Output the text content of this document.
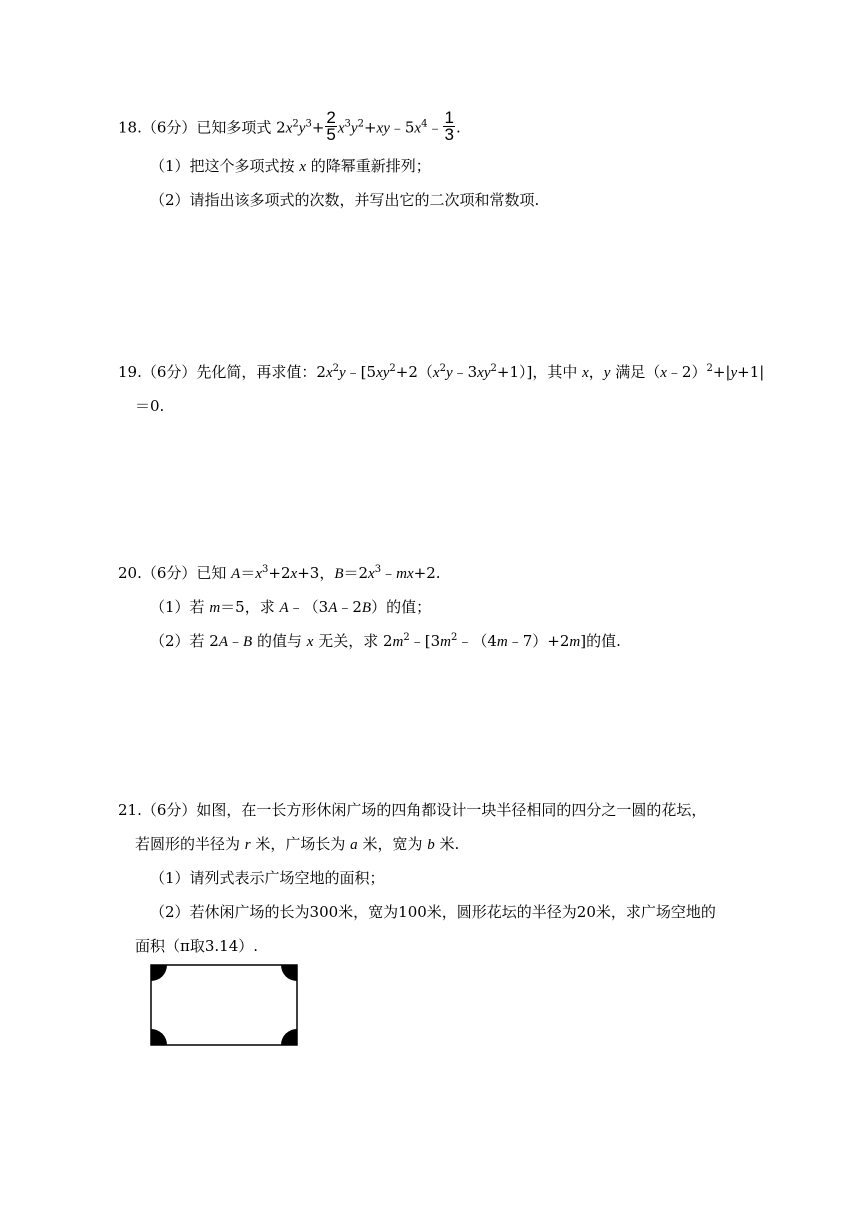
18.（6分）已知多项式 $2x^2y^3+ \frac{2}{5}$ $x^3y^2+xy﹣5x^4﹣ \frac{1}{3}$ .
（1）把这个多项式按 x 的降幂重新排列；
（2）请指出该多项式的次数，并写出它的二次项和常数项.
19.（6分）先化简，再求值：$2x^2y﹣[5xy^2+2(x^2y﹣3xy^2+1)]$，其中 x，y 满足（x﹣2）$^2$+|y+1|
＝0.
20.（6分）已知 $A=x^3+2x+3$，$B=2x^3﹣mx+2$.
（1）若 m＝5，求 A﹣（3A﹣2B）的值；
（2）若 2A﹣B 的值与 x 无关，求 $2m^2﹣[3m^2﹣(4m﹣7)+2m]$的值.
21.（6分）如图，在一长方形休闲广场的四角都设计一块半径相同的四分之一圆的花坛，
若圆形的半径为 r 米，广场长为 a 米，宽为 b 米.
（1）请列式表示广场空地的面积；
（2）若休闲广场的长为300米，宽为100米，圆形花坛的半径为20米，求广场空地的
面积（π取3.14）.
